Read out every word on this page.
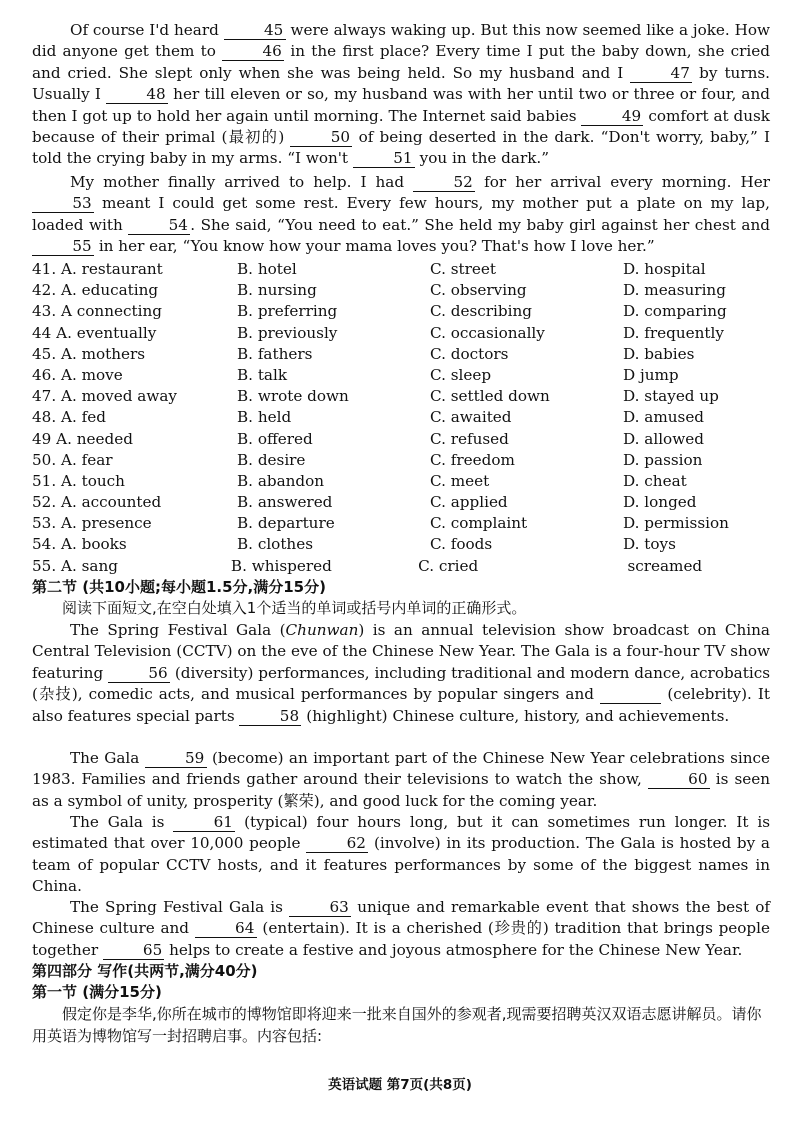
Of course I'd heard	45 were always waking up. But this now seemed like a joke. How did anyone get them to	46 in the first place? Every time I put the baby down, she cried and cried. She slept only when she was being held. So my husband and I	47 by turns. Usually I	48 her till eleven or so, my husband was with her until two or three or four, and then I got up to hold her again until morning. The Internet said babies	49 comfort at dusk because of their primal (最初的)	50 of being deserted in the dark. “Don't worry, baby,” I told the crying baby in my arms. “I won't	51 you in the dark.”

My mother finally arrived to help. I had	52 for her arrival every morning. Her 53 meant I could get some rest. Every few hours, my mother put a plate on my lap, loaded with	54 . She said, “You need to eat.” She held my baby girl against her chest and 55 in her ear, “You know how your mama loves you? That's how I love her.”

41. A. restaurant	B. hotel	C. street	D. hospital
42. A. educating	B. nursing	C. observing	D. measuring
43. A connecting	B. preferring	C. describing	D. comparing
44 A. eventually	B. previously	C. occasionally	D. frequently
45. A. mothers	B. fathers	C. doctors	D. babies
46. A. move	B. talk	C. sleep	D jump
47. A. moved away	B. wrote down	C. settled down	D. stayed up
48. A. fed	B. held	C. awaited	D. amused
49 A. needed	B. offered	C. refused	D. allowed
50. A. fear	B. desire	C. freedom	D. passion
51. A. touch	B. abandon	C. meet	D. cheat
52. A. accounted	B. answered	C. applied	D. longed
53. A. presence	B. departure	C. complaint	D. permission
54. A. books	B. clothes	C. foods	D. toys
55. A. sang	B. whispered	C. cried	screamed

第二节 (共10小题;每小题1.5分,满分15分)

阅读下面短文,在空白处填入1个适当的单词或括号内单词的正确形式。

The Spring Festival Gala (Chunwan) is an annual television show broadcast on China Central Television (CCTV) on the eve of the Chinese New Year. The Gala is a four-hour TV show featuring	56 (diversity) performances, including traditional and modern dance, acrobatics (杂技), comedic acts, and musical performances by popular singers and	(celebrity). It also features special parts	58 (highlight) Chinese culture, history, and achievements.

The Gala	59 (become) an important part of the Chinese New Year celebrations since 1983. Families and friends gather around their televisions to watch the show,	60 is seen as a symbol of unity, prosperity (繁荣), and good luck for the coming year.

The Gala is	61 (typical) four hours long, but it can sometimes run longer. It is estimated that over 10,000 people	62 (involve) in its production. The Gala is hosted by a team of popular CCTV hosts, and it features performances by some of the biggest names in China.

The Spring Festival Gala is	63 unique and remarkable event that shows the best of Chinese culture and	64 (entertain). It is a cherished (珍贵的) tradition that brings people together	65 helps to create a festive and joyous atmosphere for the Chinese New Year.

第四部分 写作(共两节,满分40分)

第一节 (满分15分)

假定你是李华,你所在城市的博物馆即将迎来一批来自国外的参观者,现需要招聘英汉双语志愿讲解员。请你用英语为博物馆写一封招聘启事。内容包括:

英语试题 第7页(共8页)
